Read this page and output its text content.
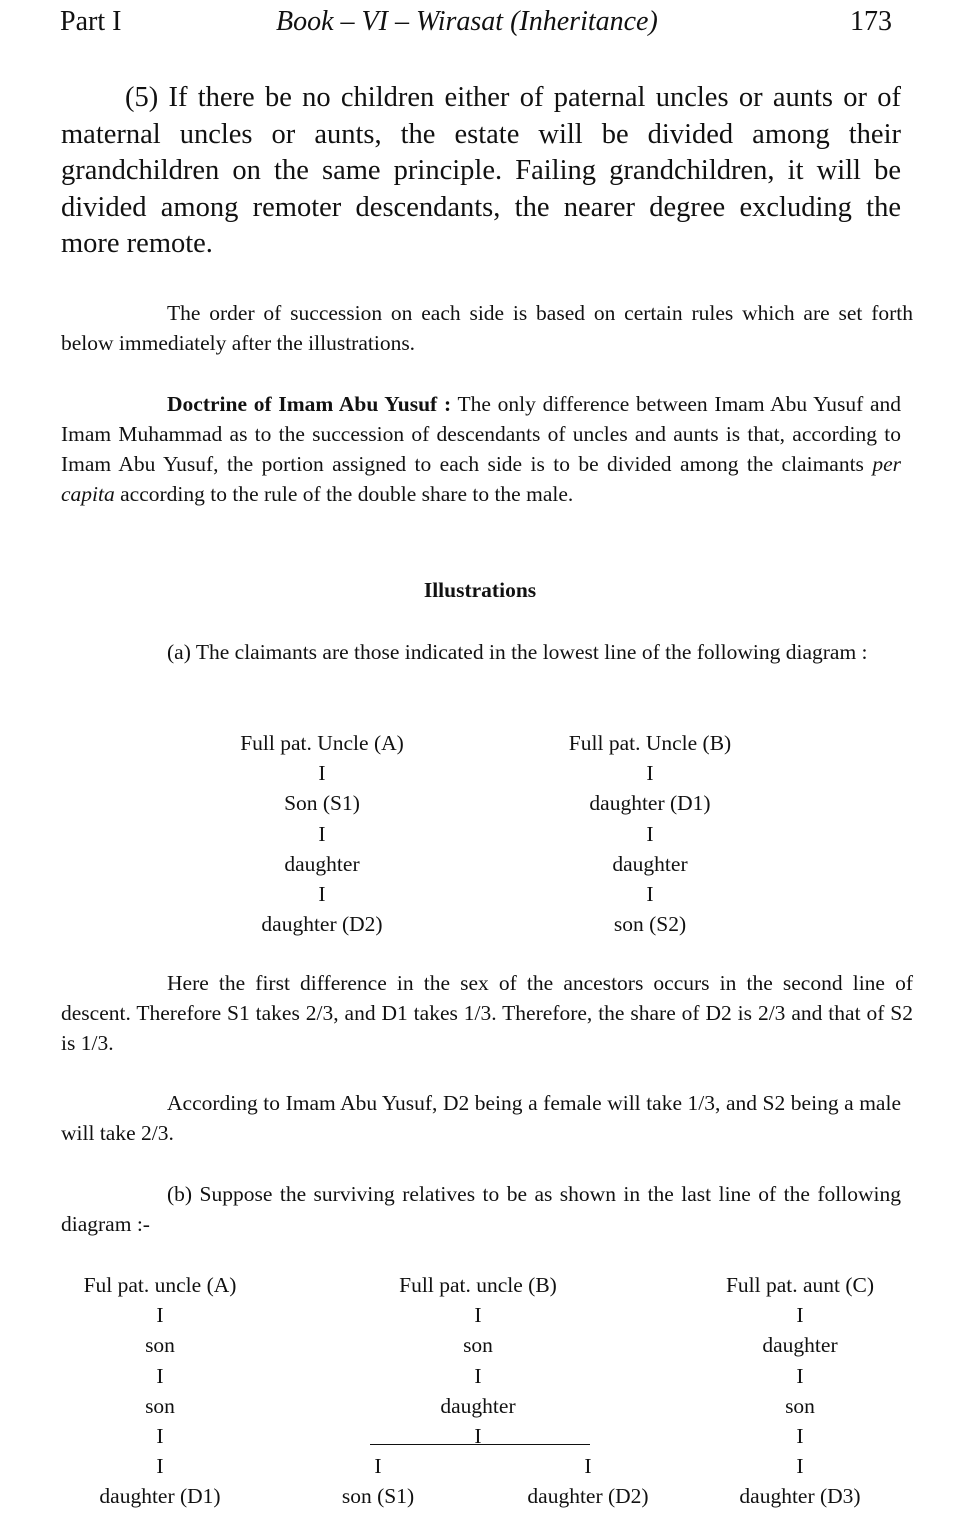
Part I	Book – VI – Wirasat (Inheritance)	173
(5) If there be no children either of paternal uncles or aunts or of maternal uncles or aunts, the estate will be divided among their grandchildren on the same principle. Failing grandchildren, it will be divided among remoter descendants, the nearer degree excluding the more remote.
The order of succession on each side is based on certain rules which are set forth below immediately after the illustrations.
Doctrine of Imam Abu Yusuf : The only difference between Imam Abu Yusuf and Imam Muhammad as to the succession of descendants of uncles and aunts is that, according to Imam Abu Yusuf, the portion assigned to each side is to be divided among the claimants per capita according to the rule of the double share to the male.
Illustrations
(a) The claimants are those indicated in the lowest line of the following diagram :
Full pat. Uncle (A)
I
Son (S1)
I
daughter
I
daughter (D2)
Full pat. Uncle (B)
I
daughter (D1)
I
daughter
I
son (S2)
Here the first difference in the sex of the ancestors occurs in the second line of descent. Therefore S1 takes 2/3, and D1 takes 1/3. Therefore, the share of D2 is 2/3 and that of S2 is 1/3.
According to Imam Abu Yusuf, D2 being a female will take 1/3, and S2 being a male will take 2/3.
(b) Suppose the surviving relatives to be as shown in the last line of the following diagram :-
Ful pat. uncle (A)
I
son
I
son
I
I
daughter (D1)
Full pat. uncle (B)
I
son
I
daughter
I
I
son (S1)
I
daughter (D2)
Full pat. aunt (C)
I
daughter
I
son
I
I
daughter (D3)
